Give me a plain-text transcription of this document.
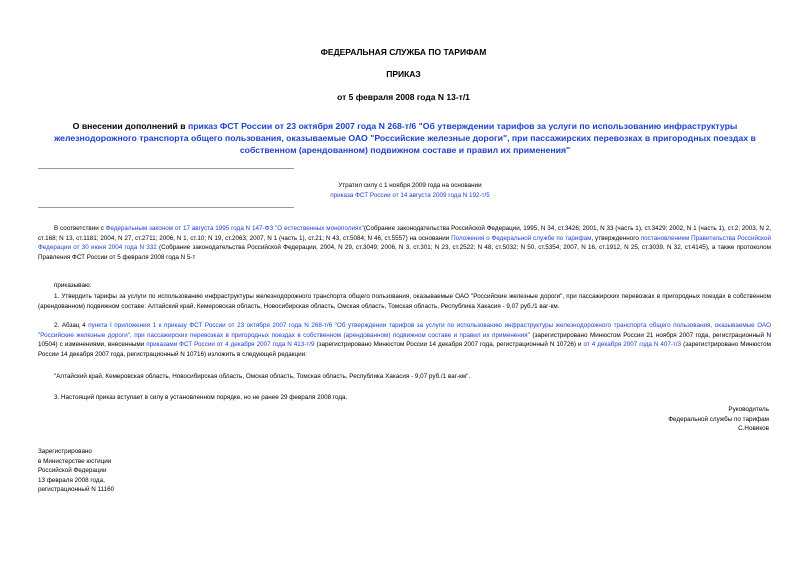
ФЕДЕРАЛЬНАЯ СЛУЖБА ПО ТАРИФАМ
ПРИКАЗ
от 5 февраля 2008 года N 13-т/1
О внесении дополнений в приказ ФСТ России от 23 октября 2007 года N 268-т/6 "Об утверждении тарифов за услуги по использованию инфраструктуры железнодорожного транспорта общего пользования, оказываемые ОАО "Российские железные дороги", при пассажирских перевозках в пригородных поездах в собственном (арендованном) подвижном составе и правил их применения"
Утратил силу с 1 ноября 2009 года на основании
приказа ФСТ России от 14 августа 2009 года N 192-т/5
В соответствии с Федеральным законом от 17 августа 1995 года N 147-ФЗ "О естественных монополиях"(Собрание законодательства Российской Федерации, 1995, N 34, ст.3426; 2001, N 33 (часть 1), ст.3429; 2002, N 1 (часть 1), ст.2; 2003, N 2, ст.168; N 13, ст.1181; 2004, N 27, ст.2711; 2006, N 1, ст.10; N 19, ст.2063; 2007, N 1 (часть 1), ст.21; N 43, ст.5084; N 46, ст.5557) на основании Положения о Федеральной службе по тарифам, утвержденного постановлением Правительства Российской Федерации от 30 июня 2004 года N 332 (Собрание законодательства Российской Федерации, 2004, N 29, ст.3049; 2006, N 3, ст.301; N 23, ст.2522; N 48, ст.5032; N 50, ст.5354; 2007, N 16, ст.1912, N 25, ст.3039, N 32, ст.4145), а также протоколом Правления ФСТ России от 5 февраля 2008 года N 5-т
приказываю:
1. Утвердить тарифы за услуги по использованию инфраструктуры железнодорожного транспорта общего пользования, оказываемые ОАО "Российские железные дороги", при пассажирских перевозках в пригородных поездах в собственном (арендованном) подвижном составе: Алтайский край, Кемеровская область, Новосибирская область, Омская область, Томская область, Республика Хакасия - 9,07 руб./1 ваг-км.
2. Абзац 4 пункта I приложения 1 к приказу ФСТ России от 23 октября 2007 года N 268-т/6 "Об утверждении тарифов за услуги по использованию инфраструктуры железнодорожного транспорта общего пользования, оказываемые ОАО "Российские железные дороги", при пассажирских перевозках в пригородных поездах в собственном (арендованном) подвижном составе и правил их применения" (зарегистрировано Минюстом России 21 ноября 2007 года, регистрационный N 10504) с изменениями, внесенными приказами ФСТ России от 4 декабря 2007 года N 413-т/9 (зарегистрировано Минюстом России 14 декабря 2007 года, регистрационный N 10726) и от 4 декабря 2007 года N 407-т/3 (зарегистрировано Минюстом России 14 декабря 2007 года, регистрационный N 10716) изложить в следующей редакции:
"Алтайский край, Кемеровская область, Новосибирская область, Омская область, Томская область, Республика Хакасия - 9,07 руб./1 ваг-км".
3. Настоящий приказ вступает в силу в установленном порядке, но не ранее 29 февраля 2008 года.
Руководитель
Федеральной службы по тарифам
С.Новиков
Зарегистрировано
в Министерстве юстиции
Российской Федерации
13 февраля 2008 года,
регистрационный N 11160
